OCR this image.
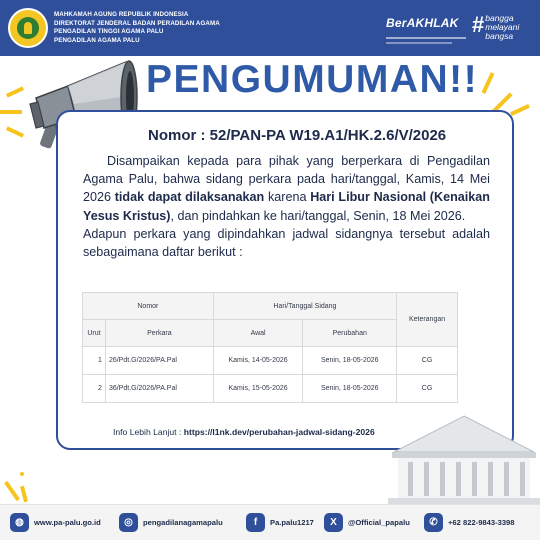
MAHKAMAH AGUNG REPUBLIK INDONESIA
DIREKTORAT JENDERAL BADAN PERADILAN AGAMA
PENGADILAN TINGGI AGAMA PALU
PENGADILAN AGAMA PALU
BerAKHLAK # bangga
melayani
bangsa
PENGUMUMAN!!
Nomor : 52/PAN-PA W19.A1/HK.2.6/V/2026

Disampaikan kepada para pihak yang berperkara di Pengadilan Agama Palu, bahwa sidang perkara pada hari/tanggal, Kamis, 14 Mei 2026 tidak dapat dilaksanakan karena Hari Libur Nasional (Kenaikan Yesus Kristus), dan pindahkan ke hari/tanggal, Senin, 18 Mei 2026.

Adapun perkara yang dipindahkan jadwal sidangnya tersebut adalah sebagaimana daftar berikut :

Nomor		Hari/Tanggal Sidang		Keterangan
Urut	Perkara	Awal	Perubahan	
1	26/Pdt.G/2026/PA.Pal	Kamis, 14-05-2026	Senin, 18-05-2026	CG
2	36/Pdt.G/2026/PA.Pal	Kamis, 15-05-2026	Senin, 18-05-2026	CG
Info Lebih Lanjut : https://l1nk.dev/perubahan-jadwal-sidang-2026
◍	www.pa-palu.go.id	◎	pengadilanagamapalu	f	Pa.palu1217	X	@Official_papalu	✆	+62 822-9843-3398
